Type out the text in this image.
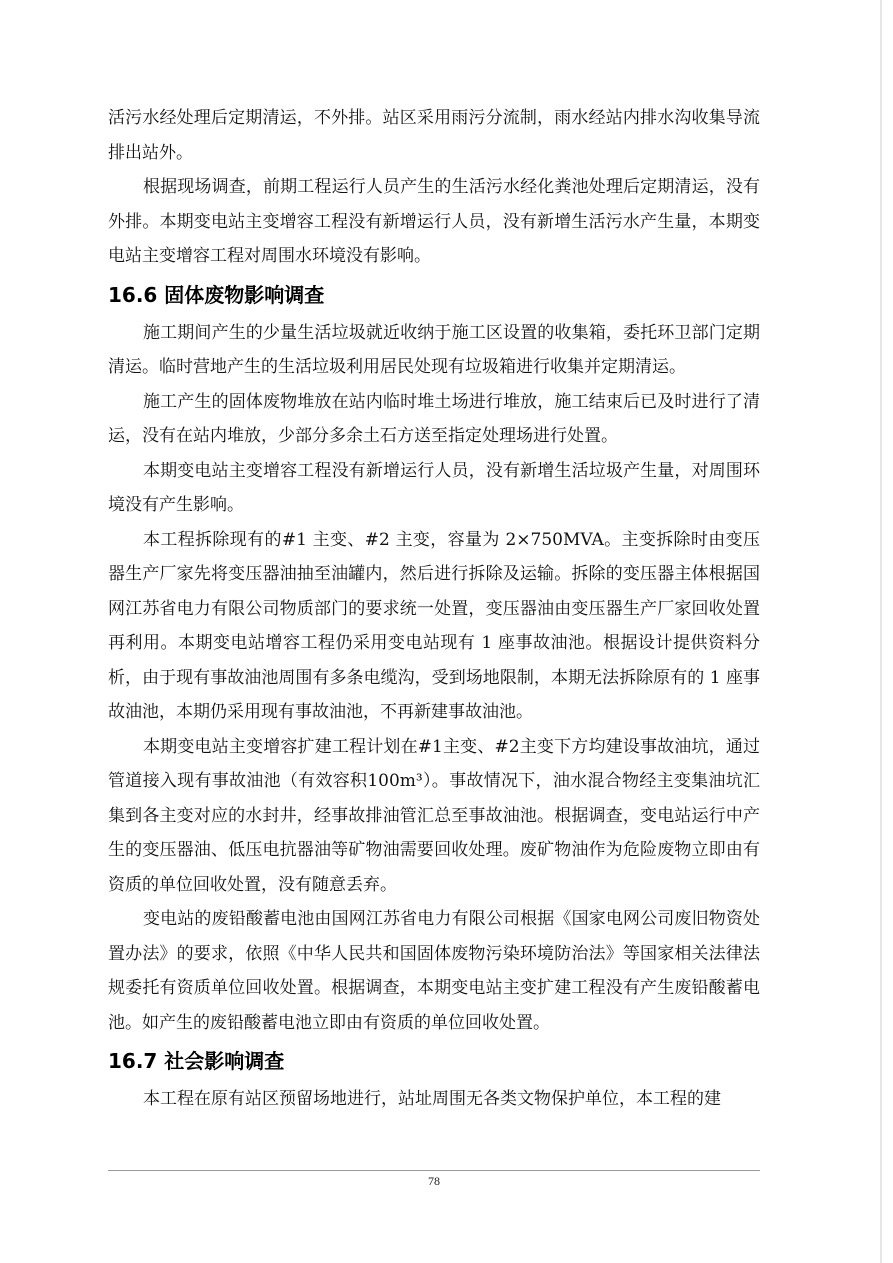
活污水经处理后定期清运，不外排。站区采用雨污分流制，雨水经站内排水沟收集导流排出站外。

根据现场调查，前期工程运行人员产生的生活污水经化粪池处理后定期清运，没有外排。本期变电站主变增容工程没有新增运行人员，没有新增生活污水产生量，本期变电站主变增容工程对周围水环境没有影响。

16.6 固体废物影响调查

施工期间产生的少量生活垃圾就近收纳于施工区设置的收集箱，委托环卫部门定期清运。临时营地产生的生活垃圾利用居民处现有垃圾箱进行收集并定期清运。

施工产生的固体废物堆放在站内临时堆土场进行堆放，施工结束后已及时进行了清运，没有在站内堆放，少部分多余土石方送至指定处理场进行处置。

本期变电站主变增容工程没有新增运行人员，没有新增生活垃圾产生量，对周围环境没有产生影响。

本工程拆除现有的#1 主变、#2 主变，容量为 2×750MVA。主变拆除时由变压器生产厂家先将变压器油抽至油罐内，然后进行拆除及运输。拆除的变压器主体根据国网江苏省电力有限公司物质部门的要求统一处置，变压器油由变压器生产厂家回收处置再利用。本期变电站增容工程仍采用变电站现有 1 座事故油池。根据设计提供资料分析，由于现有事故油池周围有多条电缆沟，受到场地限制，本期无法拆除原有的 1 座事故油池，本期仍采用现有事故油池，不再新建事故油池。

本期变电站主变增容扩建工程计划在#1主变、#2主变下方均建设事故油坑，通过管道接入现有事故油池（有效容积100m³）。事故情况下，油水混合物经主变集油坑汇集到各主变对应的水封井，经事故排油管汇总至事故油池。根据调查，变电站运行中产生的变压器油、低压电抗器油等矿物油需要回收处理。废矿物油作为危险废物立即由有资质的单位回收处置，没有随意丢弃。

变电站的废铅酸蓄电池由国网江苏省电力有限公司根据《国家电网公司废旧物资处置办法》的要求，依照《中华人民共和国固体废物污染环境防治法》等国家相关法律法规委托有资质单位回收处置。根据调查，本期变电站主变扩建工程没有产生废铅酸蓄电池。如产生的废铅酸蓄电池立即由有资质的单位回收处置。

16.7 社会影响调查

本工程在原有站区预留场地进行，站址周围无各类文物保护单位，本工程的建

78
